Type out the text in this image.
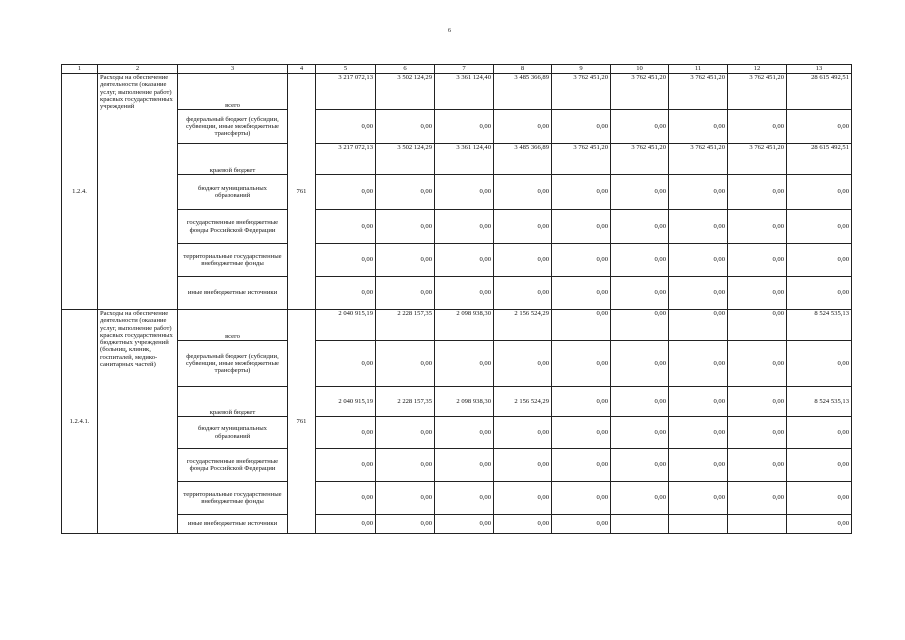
6
1	2	3	4	5	6	7	8	9	10	11	12	13
1.2.4.	Расходы на обеспечение деятельности (оказание услуг, выполнение работ) красвых государственных учреждений	всего	761	3 217 072,13	3 502 124,29	3 361 124,40	3 485 366,89	3 762 451,20	3 762 451,20	3 762 451,20	3 762 451,20	28 615 492,51
		федеральный бюджет (субсидии, субвенции, иные межбюджетные трансферты)		0,00	0,00	0,00	0,00	0,00	0,00	0,00	0,00	0,00
		краевой бюджет		3 217 072,13	3 502 124,29	3 361 124,40	3 485 366,89	3 762 451,20	3 762 451,20	3 762 451,20	3 762 451,20	28 615 492,51
		бюджет муниципальных образований		0,00	0,00	0,00	0,00	0,00	0,00	0,00	0,00	0,00
		государственные внебюджетные фонды Российской Федерации		0,00	0,00	0,00	0,00	0,00	0,00	0,00	0,00	0,00
		территориальные государственные внебюджетные фонды		0,00	0,00	0,00	0,00	0,00	0,00	0,00	0,00	0,00
		иные внебюджетные источники		0,00	0,00	0,00	0,00	0,00	0,00	0,00	0,00	0,00
1.2.4.1.	Расходы на обеспечение деятельности (оказание услуг, выполнение работ) красвых государственных бюджетных учреждений (больниц, клиник, госпиталей, медико-санитарных частей)	всего	761	2 040 915,19	2 228 157,35	2 098 938,30	2 156 524,29	0,00	0,00	0,00	0,00	8 524 535,13
		федеральный бюджет (субсидии, субвенции, иные межбюджетные трансферты)		0,00	0,00	0,00	0,00	0,00	0,00	0,00	0,00	0,00
		краевой бюджет		2 040 915,19	2 228 157,35	2 098 938,30	2 156 524,29	0,00	0,00	0,00	0,00	8 524 535,13
		бюджет муниципальных образований		0,00	0,00	0,00	0,00	0,00	0,00	0,00	0,00	0,00
		государственные внебюджетные фонды Российской Федерации		0,00	0,00	0,00	0,00	0,00	0,00	0,00	0,00	0,00
		территориальные государственные внебюджетные фонды		0,00	0,00	0,00	0,00	0,00	0,00	0,00	0,00	0,00
		иные внебюджетные источники		0,00	0,00	0,00	0,00	0,00				0,00
